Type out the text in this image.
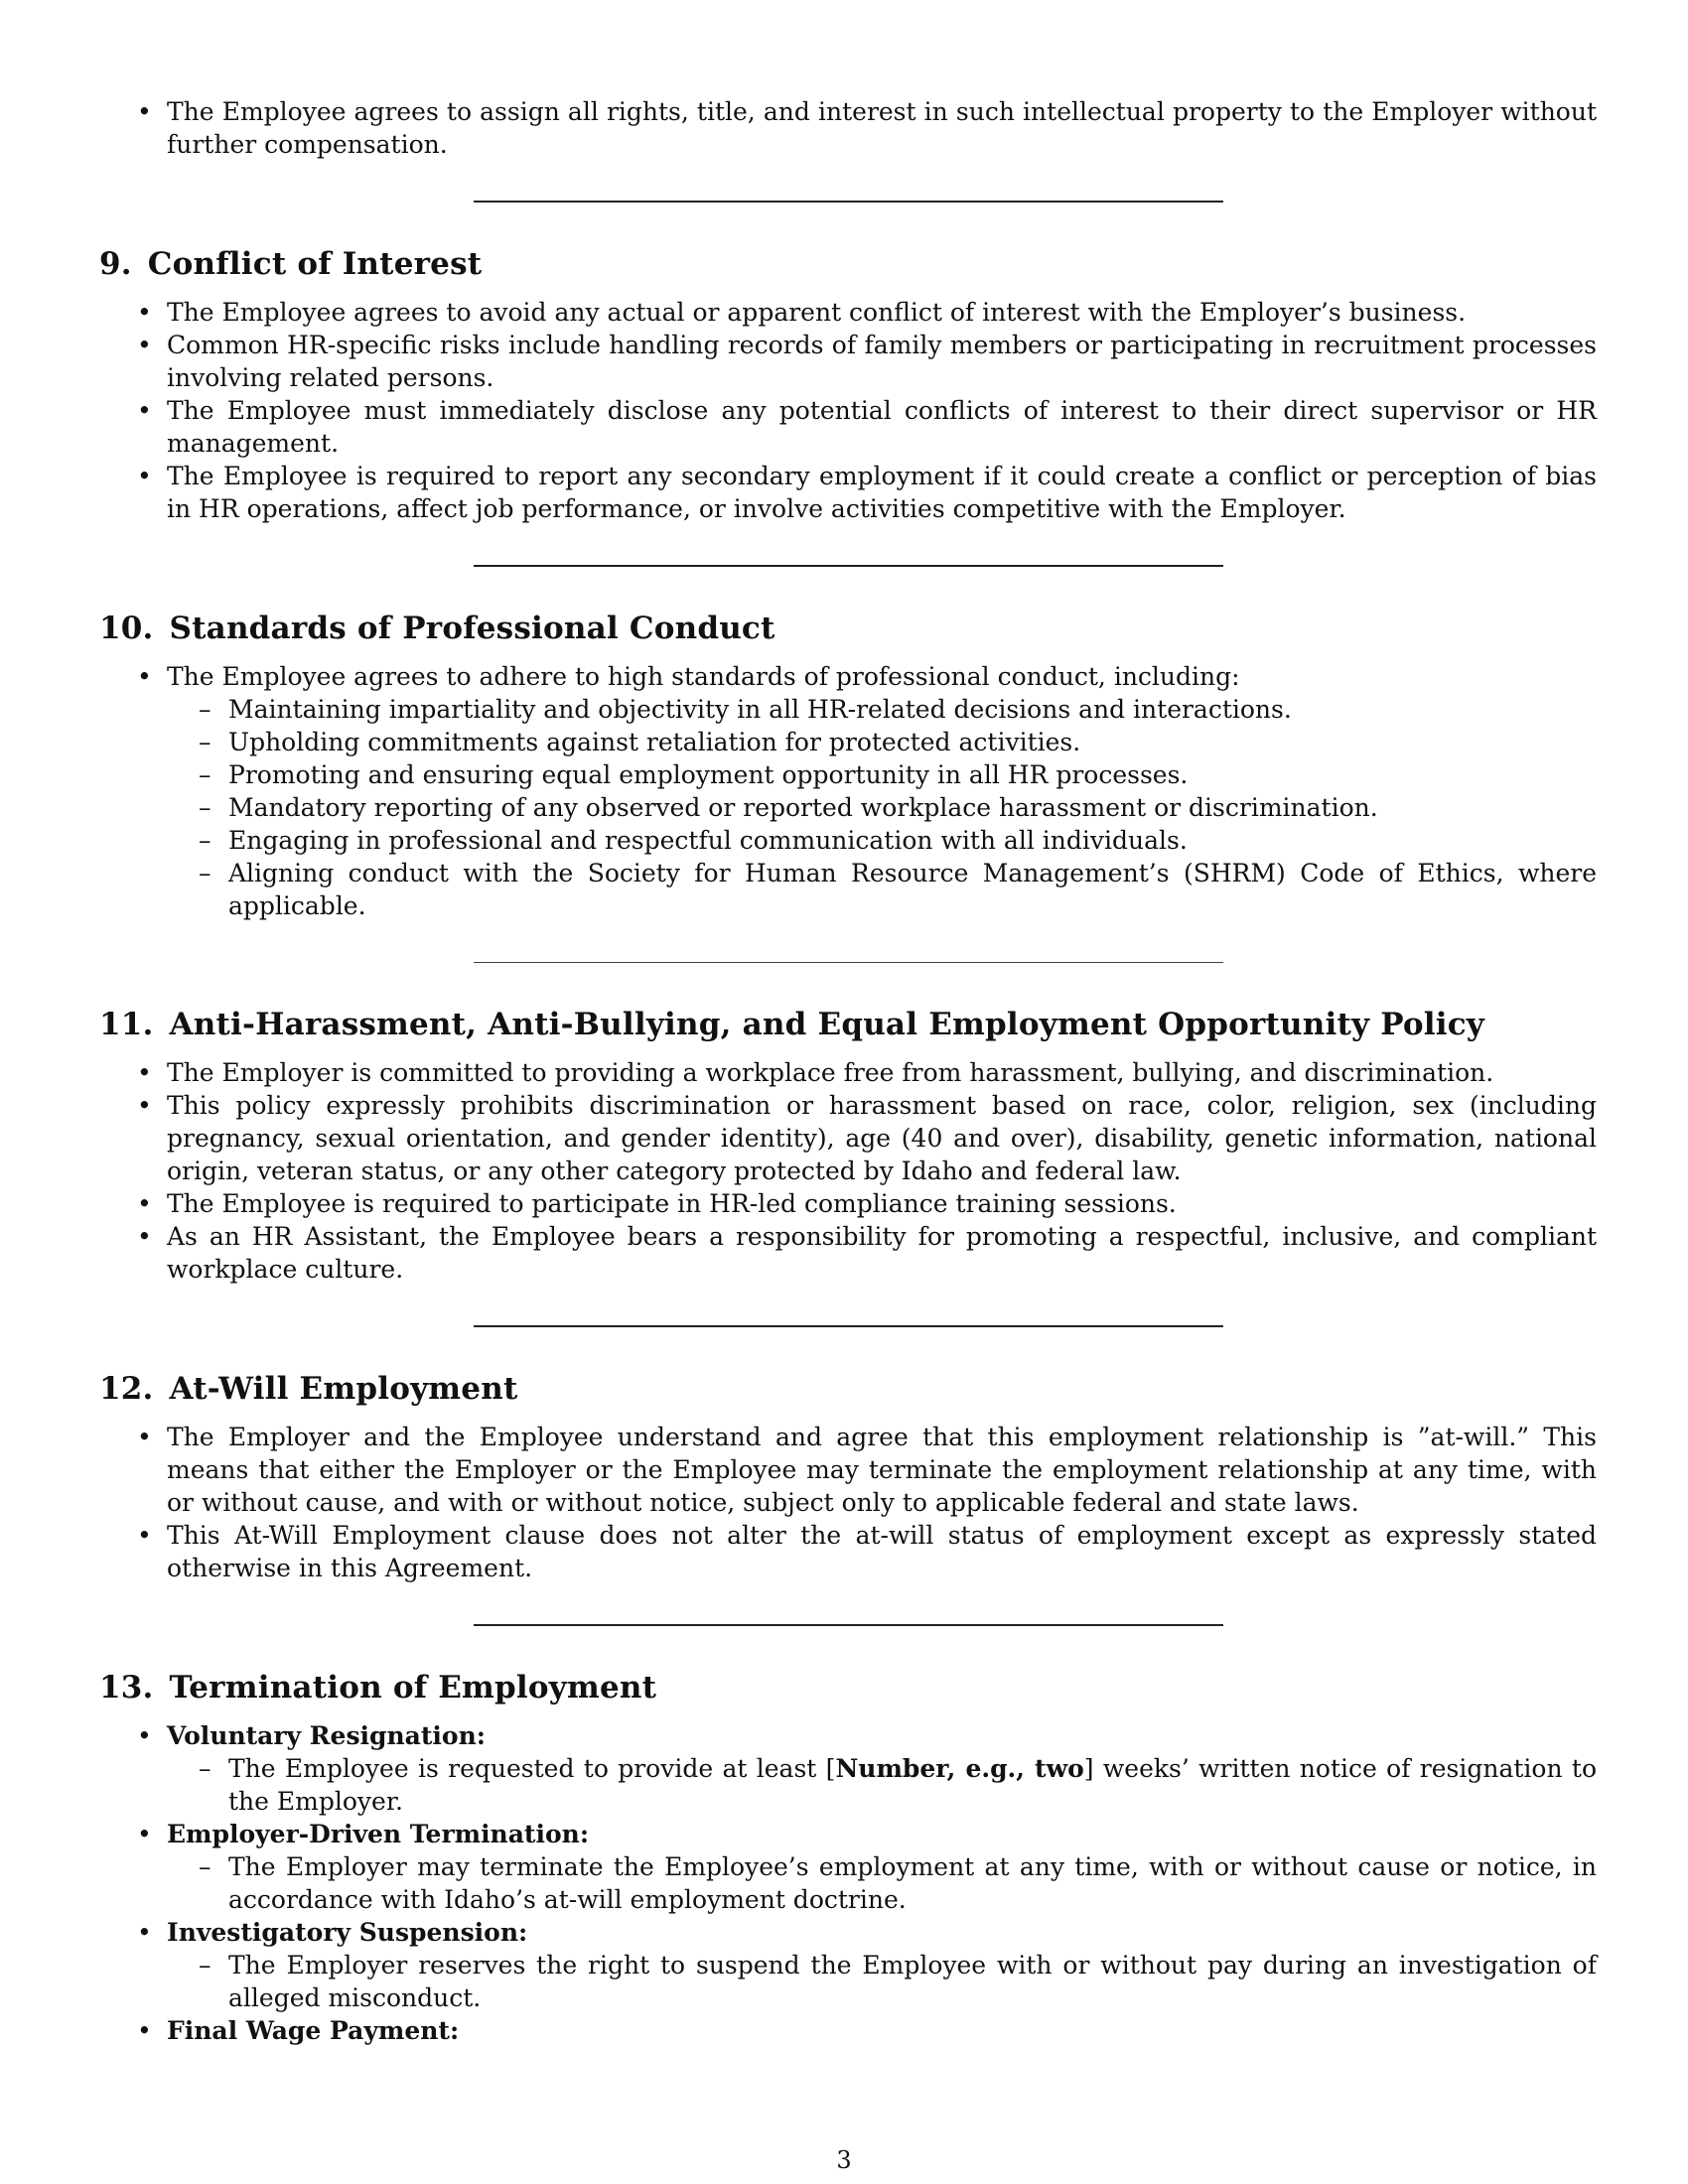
• The Employee agrees to assign all rights, title, and interest in such intellectual property to the Employer without further compensation.
9. Conflict of Interest
• The Employee agrees to avoid any actual or apparent conflict of interest with the Employer’s business.
• Common HR-specific risks include handling records of family members or participating in recruitment processes involving related persons.
• The Employee must immediately disclose any potential conflicts of interest to their direct supervisor or HR management.
• The Employee is required to report any secondary employment if it could create a conflict or perception of bias in HR operations, affect job performance, or involve activities competitive with the Employer.
10. Standards of Professional Conduct
• The Employee agrees to adhere to high standards of professional conduct, including:
– Maintaining impartiality and objectivity in all HR-related decisions and interactions.
– Upholding commitments against retaliation for protected activities.
– Promoting and ensuring equal employment opportunity in all HR processes.
– Mandatory reporting of any observed or reported workplace harassment or discrimination.
– Engaging in professional and respectful communication with all individuals.
– Aligning conduct with the Society for Human Resource Management’s (SHRM) Code of Ethics, where applicable.
11. Anti-Harassment, Anti-Bullying, and Equal Employment Opportunity Policy
• The Employer is committed to providing a workplace free from harassment, bullying, and discrimination.
• This policy expressly prohibits discrimination or harassment based on race, color, religion, sex (including pregnancy, sexual orientation, and gender identity), age (40 and over), disability, genetic information, national origin, veteran status, or any other category protected by Idaho and federal law.
• The Employee is required to participate in HR-led compliance training sessions.
• As an HR Assistant, the Employee bears a responsibility for promoting a respectful, inclusive, and compliant workplace culture.
12. At-Will Employment
• The Employer and the Employee understand and agree that this employment relationship is ”at-will.” This means that either the Employer or the Employee may terminate the employment relationship at any time, with or without cause, and with or without notice, subject only to applicable federal and state laws.
• This At-Will Employment clause does not alter the at-will status of employment except as expressly stated otherwise in this Agreement.
13. Termination of Employment
• Voluntary Resignation:
– The Employee is requested to provide at least [Number, e.g., two] weeks’ written notice of resignation to the Employer.
• Employer-Driven Termination:
– The Employer may terminate the Employee’s employment at any time, with or without cause or notice, in accordance with Idaho’s at-will employment doctrine.
• Investigatory Suspension:
– The Employer reserves the right to suspend the Employee with or without pay during an investigation of alleged misconduct.
• Final Wage Payment:
3
